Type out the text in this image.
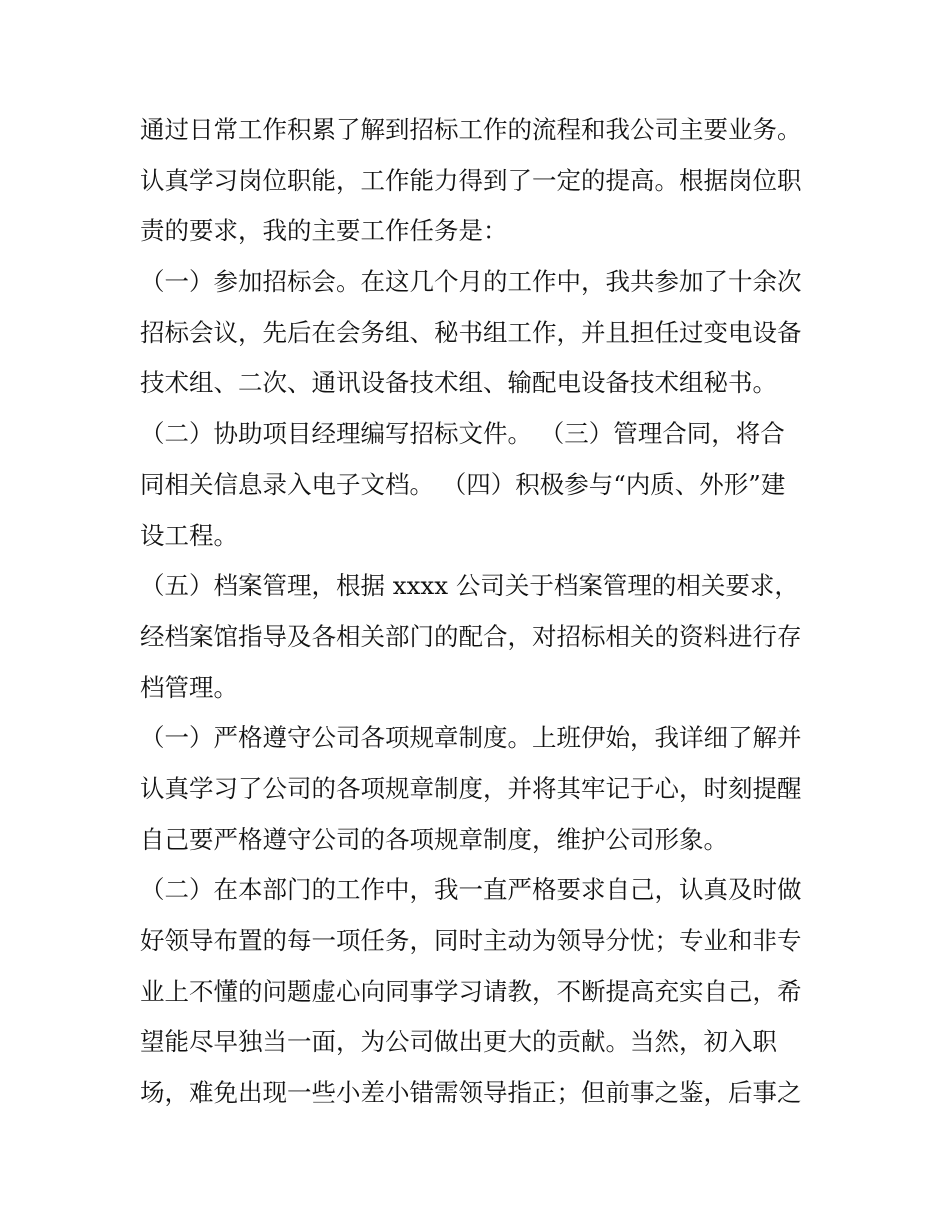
通过日常工作积累了解到招标工作的流程和我公司主要业务。
认真学习岗位职能，工作能力得到了一定的提高。根据岗位职
责的要求，我的主要工作任务是：
（一）参加招标会。在这几个月的工作中，我共参加了十余次
招标会议，先后在会务组、秘书组工作，并且担任过变电设备
技术组、二次、通讯设备技术组、输配电设备技术组秘书。
（二）协助项目经理编写招标文件。 （三）管理合同，将合
同相关信息录入电子文档。 （四）积极参与“内质、外形”建
设工程。
（五）档案管理，根据 xxxx 公司关于档案管理的相关要求，
经档案馆指导及各相关部门的配合，对招标相关的资料进行存
档管理。
（一）严格遵守公司各项规章制度。上班伊始，我详细了解并
认真学习了公司的各项规章制度，并将其牢记于心，时刻提醒
自己要严格遵守公司的各项规章制度，维护公司形象。
（二）在本部门的工作中，我一直严格要求自己，认真及时做
好领导布置的每一项任务，同时主动为领导分忧；专业和非专
业上不懂的问题虚心向同事学习请教，不断提高充实自己，希
望能尽早独当一面，为公司做出更大的贡献。当然，初入职
场，难免出现一些小差小错需领导指正；但前事之鉴，后事之
